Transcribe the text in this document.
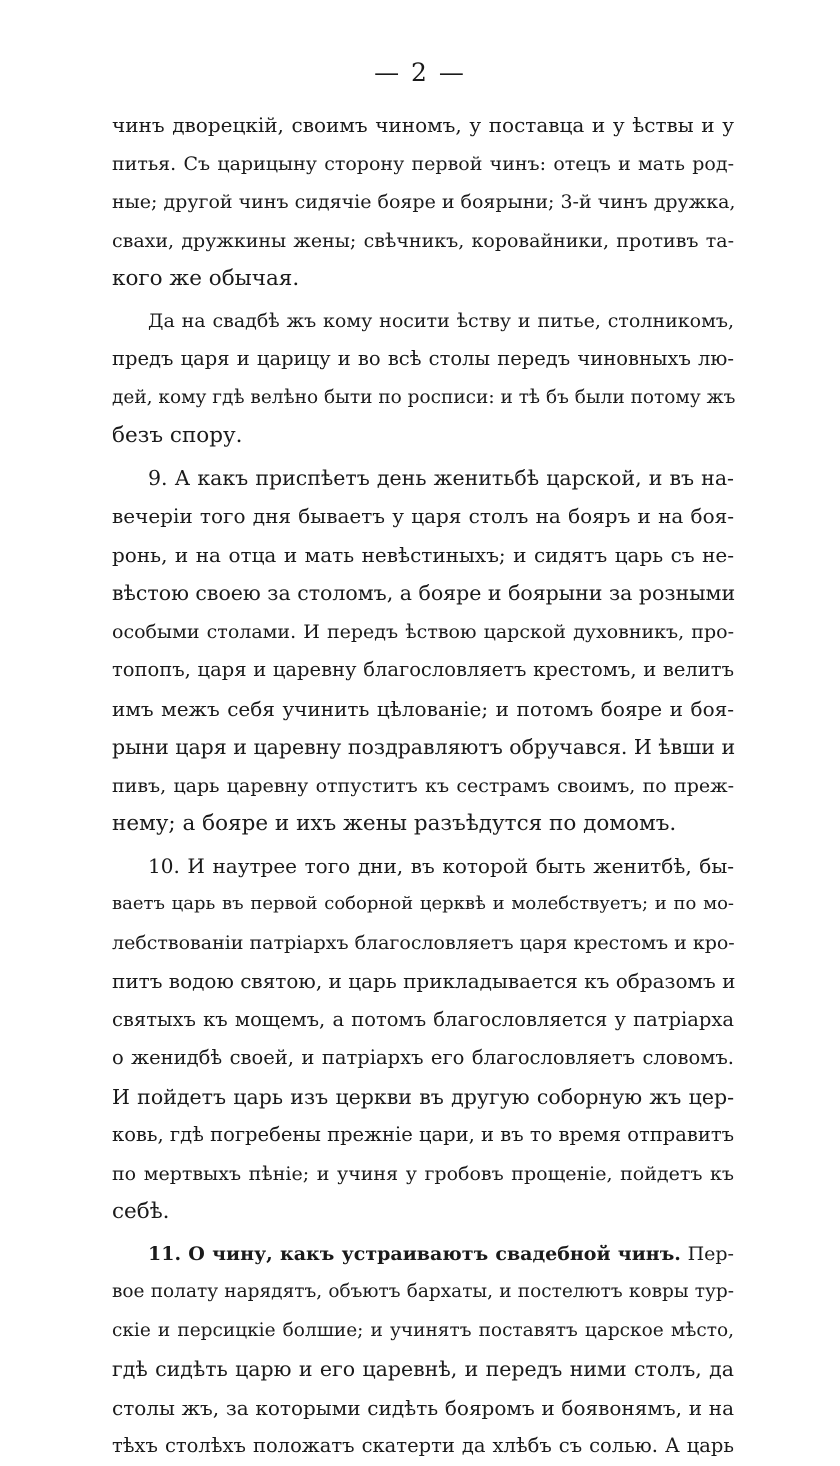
— 2 —
чинъ дворецкій, своимъ чиномъ, у поставца и у ѣствы и у
питья. Съ царицыну сторону первой чинъ: отецъ и мать род-
ные; другой чинъ сидячіе бояре и боярыни; 3-й чинъ дружка,
свахи, дружкины жены; свѣчникъ, коровайники, противъ та-
кого же обычая.
Да на свадбѣ жъ кому носити ѣству и питье, столникомъ,
предъ царя и царицу и во всѣ столы передъ чиновныхъ лю-
дей, кому гдѣ велѣно быти по росписи: и тѣ бъ были потому жъ
безъ спору.
9. А какъ приспѣетъ день женитьбѣ царской, и въ на-
вечеріи того дня бываетъ у царя столъ на бояръ и на боя-
ронь, и на отца и мать невѣстиныхъ; и сидятъ царь съ не-
вѣстою своею за столомъ, а бояре и боярыни за розными
особыми столами. И передъ ѣствою царской духовникъ, про-
топопъ, царя и царевну благословляетъ крестомъ, и велитъ
имъ межъ себя учинить цѣлованіе; и потомъ бояре и боя-
рыни царя и царевну поздравляютъ обручався. И ѣвши и
пивъ, царь царевну отпуститъ къ сестрамъ своимъ, по преж-
нему; а бояре и ихъ жены разъѣдутся по домомъ.
10. И наутрее того дни, въ которой быть женитбѣ, бы-
ваетъ царь въ первой соборной церквѣ и молебствуетъ; и по мо-
лебствованіи патріархъ благословляетъ царя крестомъ и кро-
питъ водою святою, и царь прикладывается къ образомъ и
святыхъ къ мощемъ, а потомъ благословляется у патріарха
о женидбѣ своей, и патріархъ его благословляетъ словомъ.
И пойдетъ царь изъ церкви въ другую соборную жъ цер-
ковь, гдѣ погребены прежніе цари, и въ то время отправитъ
по мертвыхъ пѣніе; и учиня у гробовъ прощеніе, пойдетъ къ
себѣ.
11. О чину, какъ устраиваютъ свадебной чинъ. Пер-
вое полату нарядятъ, объютъ бархаты, и постелютъ ковры тур-
скіе и персицкіе болшие; и учинятъ поставятъ царское мѣсто,
гдѣ сидѣть царю и его царевнѣ, и передъ ними столъ, да
столы жъ, за которыми сидѣть бояромъ и боявонямъ, и на
тѣхъ столѣхъ положатъ скатерти да хлѣбъ съ солью. А царь
